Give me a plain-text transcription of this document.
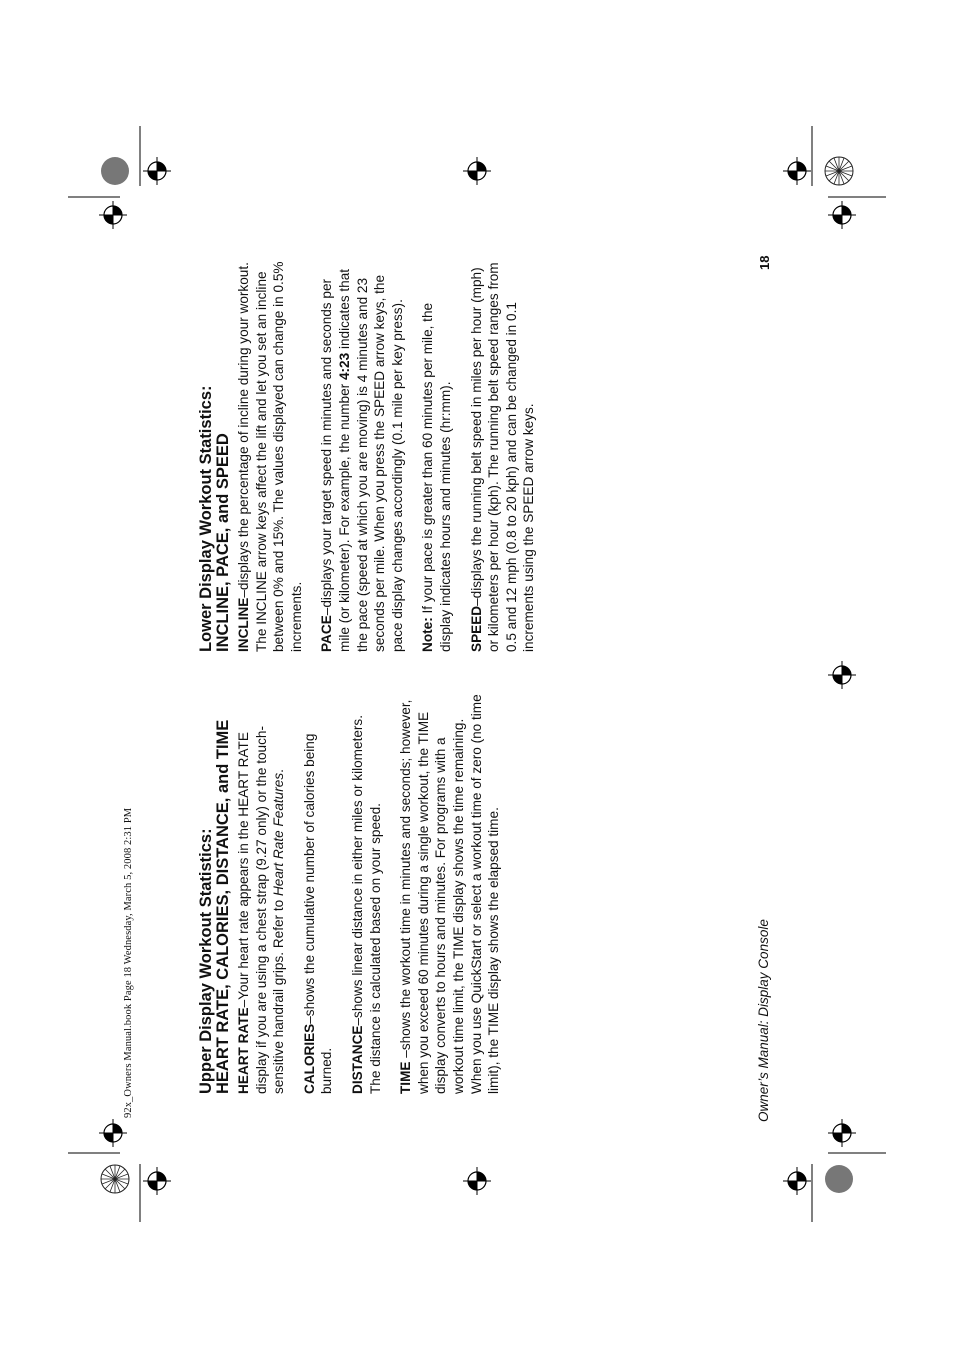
92x_Owners Manual.book Page 18 Wednesday, March 5, 2008 2:31 PM	Upper Display Workout Statistics: HEART RATE, CALORIES, DISTANCE, and TIME HEART RATE–Your heart rate appears in the HEART RATE display if you are using a chest strap (9.27 only) or the touch-sensitive handrail grips. Refer to Heart Rate Features.

CALORIES–shows the cumulative number of calories being burned. DISTANCE–shows linear distance in either miles or kilometers. The distance is calculated based on your speed. TIME –shows the workout time in minutes and seconds; however, when you exceed 60 minutes during a single workout, the TIME display converts to hours and minutes. For programs with a workout time limit, the TIME display shows the time remaining. When you use QuickStart or select a workout time of zero (no time limit), the TIME display shows the elapsed time.

Lower Display Workout Statistics: INCLINE, PACE, and SPEED INCLINE–displays the percentage of incline during your workout. The INCLINE arrow keys affect the lift and let you set an incline between 0% and 15%. The values displayed can change in 0.5% increments. PACE–displays your target speed in minutes and seconds per mile (or kilometer). For example, the number 4:23 indicates that the pace (speed at which you are moving) is 4 minutes and 23 seconds per mile. When you press the SPEED arrow keys, the pace display changes accordingly (0.1 mile per key press). Note: If your pace is greater than 60 minutes per mile, the display indicates hours and minutes (hr:mm). SPEED–displays the running belt speed in miles per hour (mph) or kilometers per hour (kph). The running belt speed ranges from 0.5 and 12 mph (0.8 to 20 kph) and can be changed in 0.1 increments using the SPEED arrow keys.

Owner’s Manual: Display Console
18
